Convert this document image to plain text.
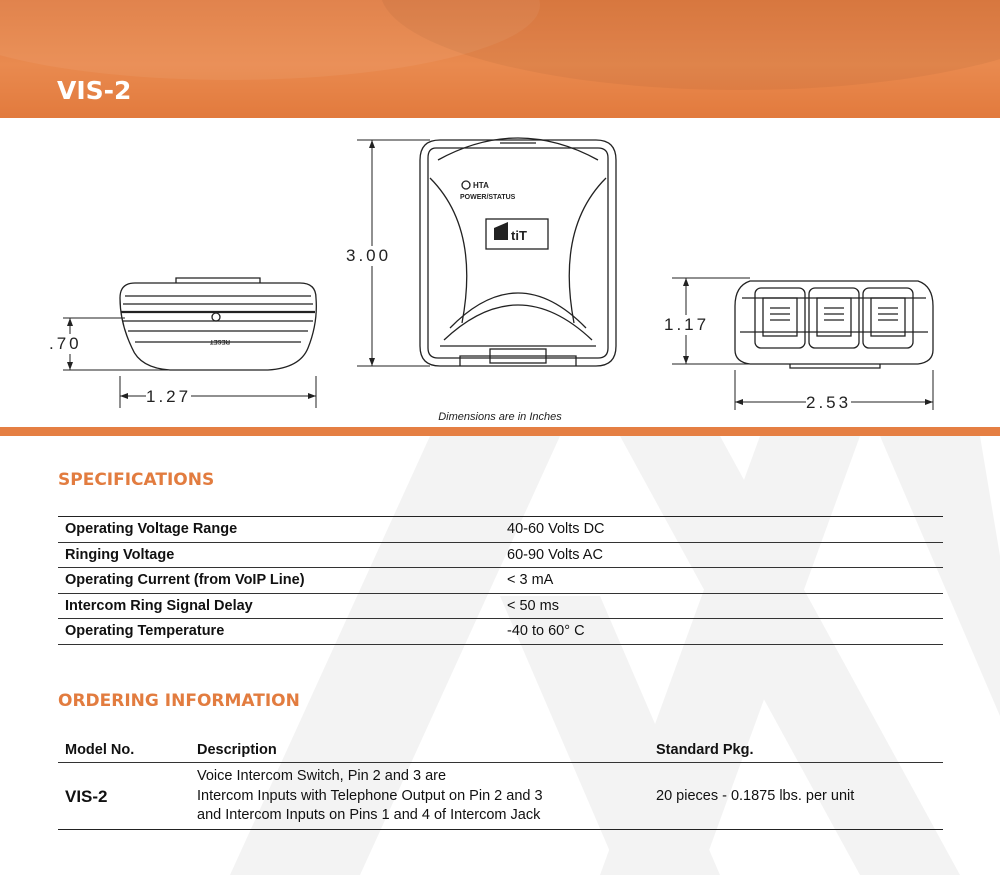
VIS-2
RESET
HTA
POWER/STATUS
tiT
3.00
.70
1.27
1.17
2.53
Dimensions are in Inches
SPECIFICATIONS
Operating Voltage Range	40-60 Volts DC
Ringing Voltage	60-90 Volts AC
Operating Current (from VoIP Line)	< 3 mA
Intercom Ring Signal Delay	< 50 ms
Operating Temperature	-40 to 60° C
ORDERING INFORMATION
Model No.	Description	Standard Pkg.
VIS-2	Voice Intercom Switch, Pin 2 and 3 are
Intercom Inputs with Telephone Output on Pin 2 and 3
and Intercom Inputs on Pins 1 and 4 of Intercom Jack	20 pieces - 0.1875 lbs. per unit
